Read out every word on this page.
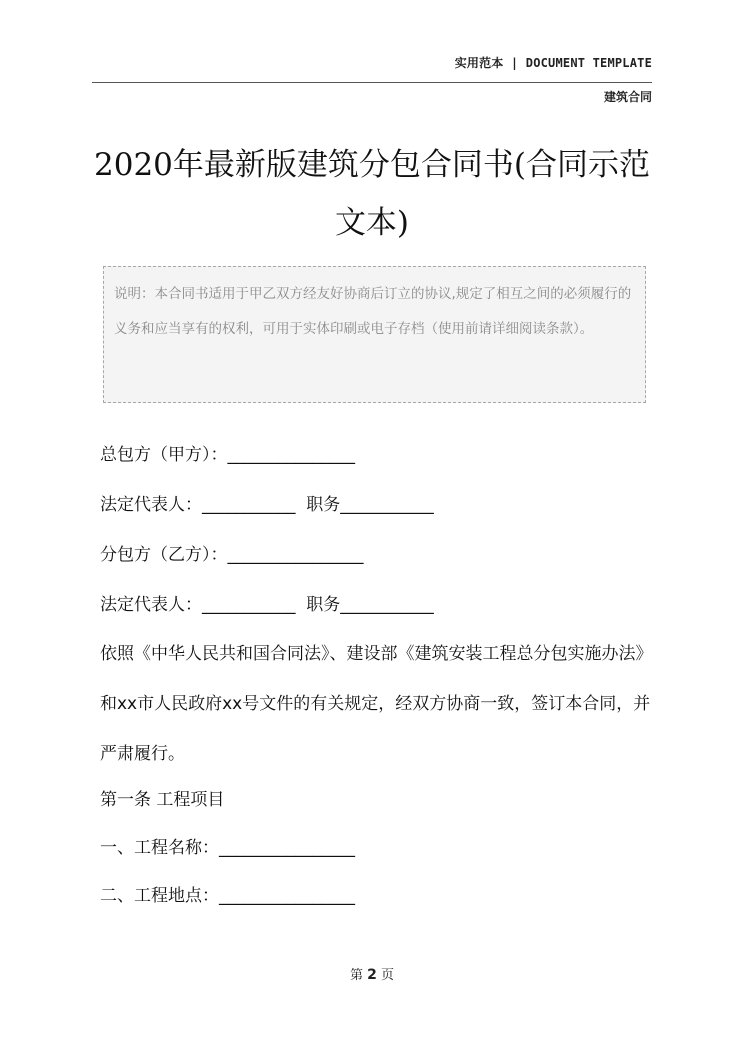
实用范本 | DOCUMENT TEMPLATE
建筑合同
2020年最新版建筑分包合同书(合同示范文本)
说明：本合同书适用于甲乙双方经友好协商后订立的协议,规定了相互之间的必须履行的义务和应当享有的权利，可用于实体印刷或电子存档（使用前请详细阅读条款）。
总包方（甲方）：_______________
法定代表人：___________  职务___________
分包方（乙方）：________________
法定代表人：___________  职务___________
依照《中华人民共和国合同法》、建设部《建筑安装工程总分包实施办法》和xx市人民政府xx号文件的有关规定，经双方协商一致，签订本合同，并严肃履行。
第一条 工程项目
一、工程名称：________________
二、工程地点：________________
第 2 页
